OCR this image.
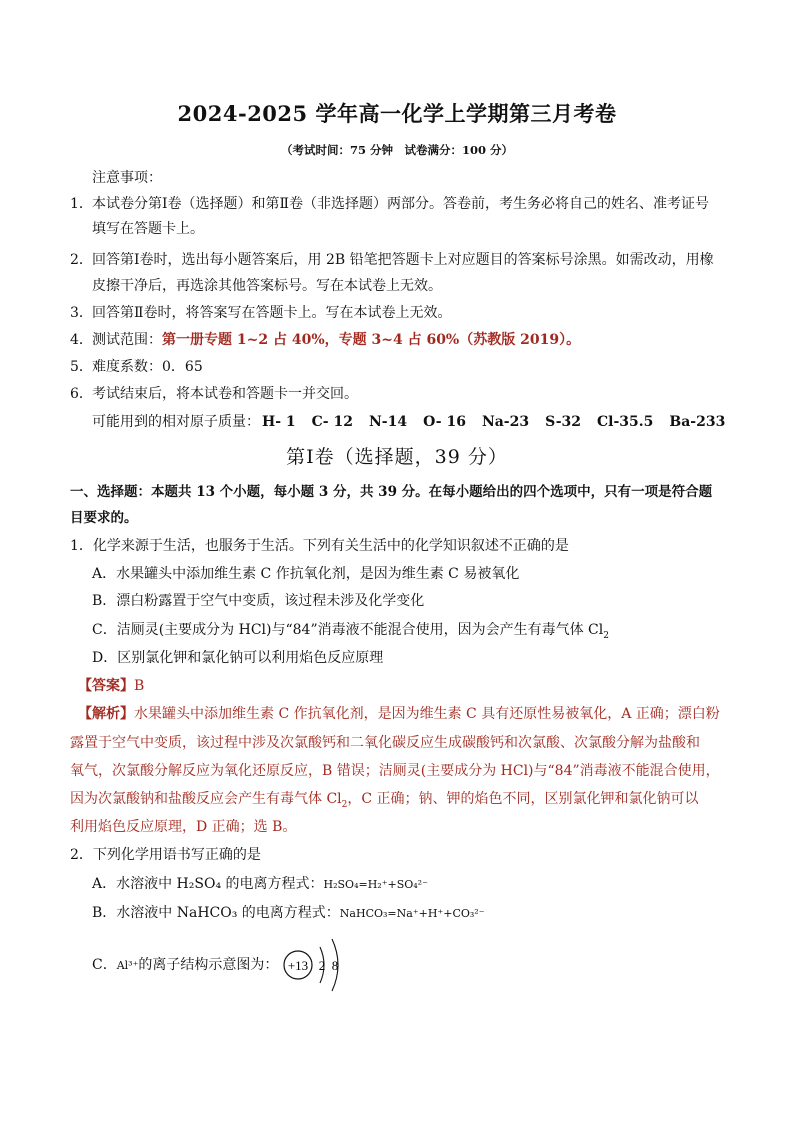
2024-2025 学年高一化学上学期第三月考卷
（考试时间：75 分钟　试卷满分：100 分）
注意事项：
1．本试卷分第Ⅰ卷（选择题）和第Ⅱ卷（非选择题）两部分。答卷前，考生务必将自己的姓名、准考证号
填写在答题卡上。
2．回答第Ⅰ卷时，选出每小题答案后，用 2B 铅笔把答题卡上对应题目的答案标号涂黑。如需改动，用橡
皮擦干净后，再选涂其他答案标号。写在本试卷上无效。
3．回答第Ⅱ卷时，将答案写在答题卡上。写在本试卷上无效。
4．测试范围：第一册专题 1~2 占 40%，专题 3~4 占 60%（苏教版 2019）。
5．难度系数：0．65
6．考试结束后，将本试卷和答题卡一并交回。
可能用到的相对原子质量： H- 1 C- 12 N-14 O- 16 Na-23 S-32 Cl-35.5 Ba-233
第Ⅰ卷（选择题，39 分）
一、选择题：本题共 13 个小题，每小题 3 分，共 39 分。在每小题给出的四个选项中，只有一项是符合题
目要求的。
1．化学来源于生活，也服务于生活。下列有关生活中的化学知识叙述不正确的是
A．水果罐头中添加维生素 C 作抗氧化剂，是因为维生素 C 易被氧化
B．漂白粉露置于空气中变质，该过程未涉及化学变化
C．洁厕灵(主要成分为 HCl)与“84”消毒液不能混合使用，因为会产生有毒气体 $Cl_2$
D．区别氯化钾和氯化钠可以利用焰色反应原理
【答案】B
【解析】水果罐头中添加维生素 C 作抗氧化剂，是因为维生素 C 具有还原性易被氧化，A 正确；漂白粉
露置于空气中变质，该过程中涉及次氯酸钙和二氧化碳反应生成碳酸钙和次氯酸、次氯酸分解为盐酸和
氧气，次氯酸分解反应为氧化还原反应，B 错误；洁厕灵(主要成分为 HCl)与“84”消毒液不能混合使用，
因为次氯酸钠和盐酸反应会产生有毒气体 $Cl_2$，C 正确；钠、钾的焰色不同，区别氯化钾和氯化钠可以
利用焰色反应原理，D 正确；选 B。
2．下列化学用语书写正确的是
A．水溶液中 H₂SO₄ 的电离方程式：H₂SO₄=H₂⁺+SO₄²⁻
B．水溶液中 NaHCO₃ 的电离方程式：NaHCO₃=Na⁺+H⁺+CO₃²⁻
C．Al³⁺的离子结构示意图为： +13 2 8
